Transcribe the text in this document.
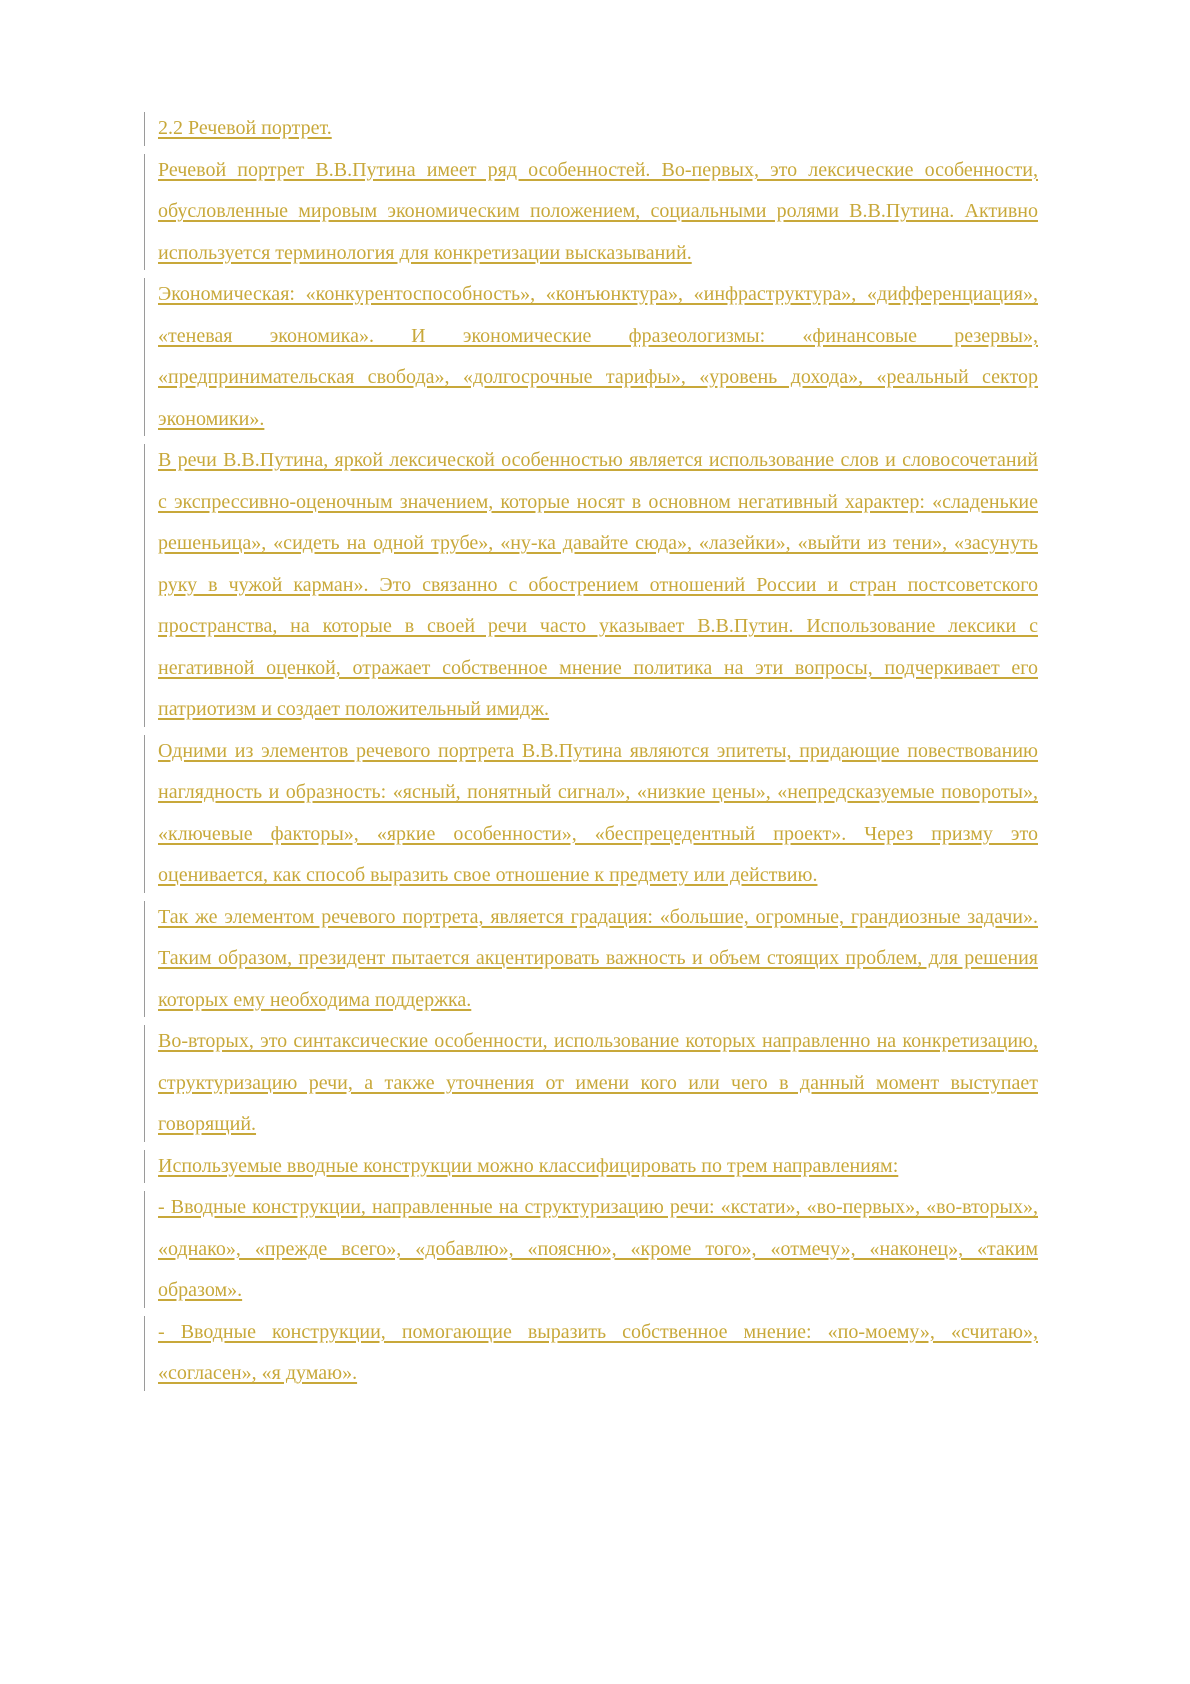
2.2 Речевой портрет.

Речевой портрет В.В.Путина имеет ряд особенностей. Во-первых, это лексические особенности, обусловленные мировым экономическим положением, социальными ролями В.В.Путина. Активно используется терминология для конкретизации высказываний.

Экономическая: «конкурентоспособность», «конъюнктура», «инфраструктура», «дифференциация», «теневая экономика». И экономические фразеологизмы: «финансовые резервы», «предпринимательская свобода», «долгосрочные тарифы», «уровень дохода», «реальный сектор экономики».

В речи В.В.Путина, яркой лексической особенностью является использование слов и словосочетаний с экспрессивно-оценочным значением, которые носят в основном негативный характер: «сладенькие решеньица», «сидеть на одной трубе», «ну-ка давайте сюда», «лазейки», «выйти из тени», «засунуть руку в чужой карман». Это связанно с обострением отношений России и стран постсоветского пространства, на которые в своей речи часто указывает В.В.Путин. Использование лексики с негативной оценкой, отражает собственное мнение политика на эти вопросы, подчеркивает его патриотизм и создает положительный имидж.

Одними из элементов речевого портрета В.В.Путина являются эпитеты, придающие повествованию наглядность и образность: «ясный, понятный сигнал», «низкие цены», «непредсказуемые повороты», «ключевые факторы», «яркие особенности», «беспрецедентный проект». Через призму это оценивается, как способ выразить свое отношение к предмету или действию.

Так же элементом речевого портрета, является градация: «большие, огромные, грандиозные задачи». Таким образом, президент пытается акцентировать важность и объем стоящих проблем, для решения которых ему необходима поддержка.

Во-вторых, это синтаксические особенности, использование которых направленно на конкретизацию, структуризацию речи, а также уточнения от имени кого или чего в данный момент выступает говорящий.

Используемые вводные конструкции можно классифицировать по трем направлениям:

- Вводные конструкции, направленные на структуризацию речи: «кстати», «во-первых», «во-вторых», «однако», «прежде всего», «добавлю», «поясню», «кроме того», «отмечу», «наконец», «таким образом».

- Вводные конструкции, помогающие выразить собственное мнение: «по-моему», «считаю», «согласен», «я думаю».
